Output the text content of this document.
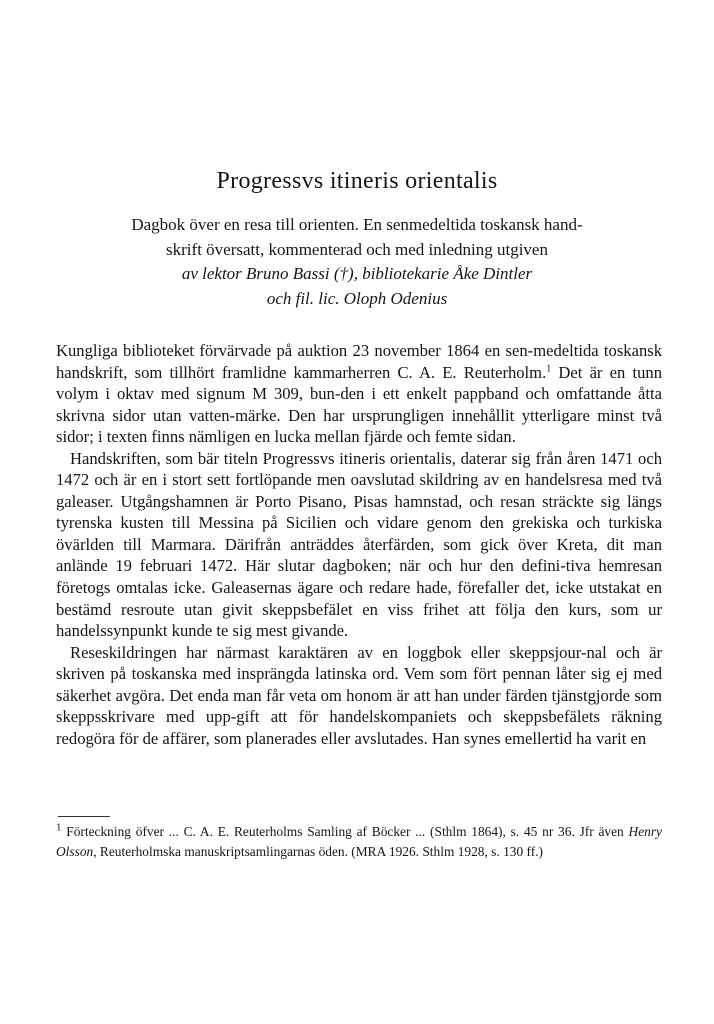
Progressvs itineris orientalis
Dagbok över en resa till orienten. En senmedeltida toskansk hand-
skrift översatt, kommenterad och med inledning utgiven
av lektor Bruno Bassi (†), bibliotekarie Åke Dintler
och fil. lic. Oloph Odenius

Kungliga biblioteket förvärvade på auktion 23 november 1864 en sen-medeltida toskansk handskrift, som tillhört framlidne kammarherren C. A. E. Reuterholm.$^1$ Det är en tunn volym i oktav med signum M 309, bun-den i ett enkelt pappband och omfattande åtta skrivna sidor utan vatten-märke. Den har ursprungligen innehållit ytterligare minst två sidor; i texten finns nämligen en lucka mellan fjärde och femte sidan.

Handskriften, som bär titeln Progressvs itineris orientalis, daterar sig från åren 1471 och 1472 och är en i stort sett fortlöpande men oavslutad skildring av en handelsresa med två galeaser. Utgångshamnen är Porto Pisano, Pisas hamnstad, och resan sträckte sig längs tyrenska kusten till Messina på Sicilien och vidare genom den grekiska och turkiska övärlden till Marmara. Därifrån anträddes återfärden, som gick över Kreta, dit man anlände 19 februari 1472. Här slutar dagboken; när och hur den defini-tiva hemresan företogs omtalas icke. Galeasernas ägare och redare hade, förefaller det, icke utstakat en bestämd resroute utan givit skeppsbefälet en viss frihet att följa den kurs, som ur handelssynpunkt kunde te sig mest givande.

Reseskildringen har närmast karaktären av en loggbok eller skeppsjour-nal och är skriven på toskanska med insprängda latinska ord. Vem som fört pennan låter sig ej med säkerhet avgöra. Det enda man får veta om honom är att han under färden tjänstgjorde som skeppsskrivare med upp-gift att för handelskompaniets och skeppsbefälets räkning redogöra för de affärer, som planerades eller avslutades. Han synes emellertid ha varit en

$^1$ Förteckning öfver ... C. A. E. Reuterholms Samling af Böcker ... (Sthlm 1864), s. 45 nr 36. Jfr även Henry Olsson, Reuterholmska manuskriptsamlingarnas öden. (MRA 1926. Sthlm 1928, s. 130 ff.)
